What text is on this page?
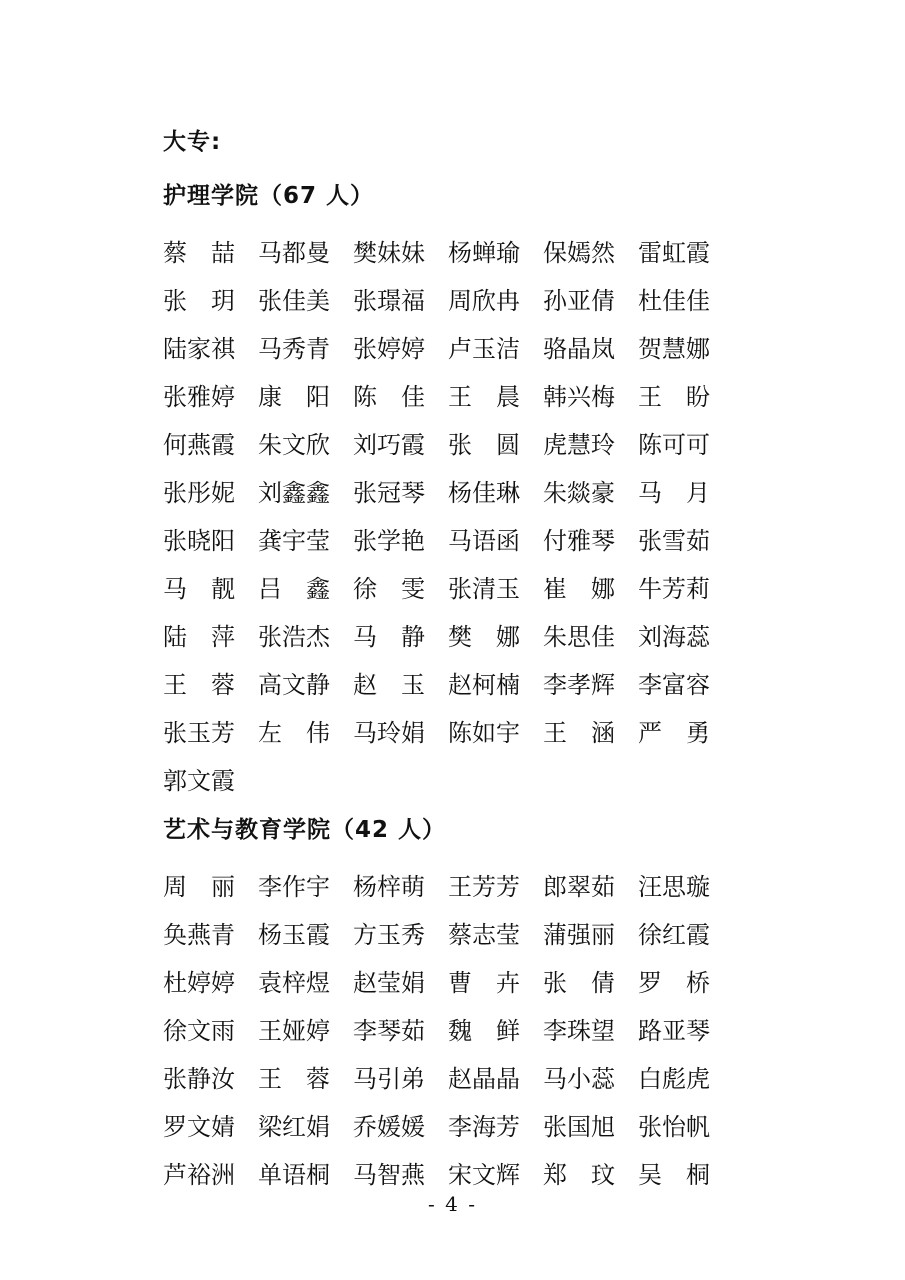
大专:
护理学院（67 人）
蔡喆 马都曼 樊妹妹 杨蝉瑜 保嫣然 雷虹霞
张玥 张佳美 张璟福 周欣冉 孙亚倩 杜佳佳
陆家祺 马秀青 张婷婷 卢玉洁 骆晶岚 贺慧娜
张雅婷 康阳 陈佳 王晨 韩兴梅 王盼
何燕霞 朱文欣 刘巧霞 张圆 虎慧玲 陈可可
张彤妮 刘鑫鑫 张冠琴 杨佳琳 朱燚豪 马月
张晓阳 龚宇莹 张学艳 马语函 付雅琴 张雪茹
马靓 吕鑫 徐雯 张清玉 崔娜 牛芳莉
陆萍 张浩杰 马静 樊娜 朱思佳 刘海蕊
王蓉 高文静 赵玉 赵柯楠 李孝辉 李富容
张玉芳 左伟 马玲娟 陈如宇 王涵 严勇
郭文霞
艺术与教育学院（42 人）
周丽 李作宇 杨梓萌 王芳芳 郎翠茹 汪思璇
奂燕青 杨玉霞 方玉秀 蔡志莹 蒲强丽 徐红霞
杜婷婷 袁梓煜 赵莹娟 曹卉 张倩 罗桥
徐文雨 王娅婷 李琴茹 魏鲜 李珠望 路亚琴
张静汝 王蓉 马引弟 赵晶晶 马小蕊 白彪虎
罗文婧 梁红娟 乔媛媛 李海芳 张国旭 张怡帆
芦裕洲 单语桐 马智燕 宋文辉 郑玟 吴桐
- 4 -
